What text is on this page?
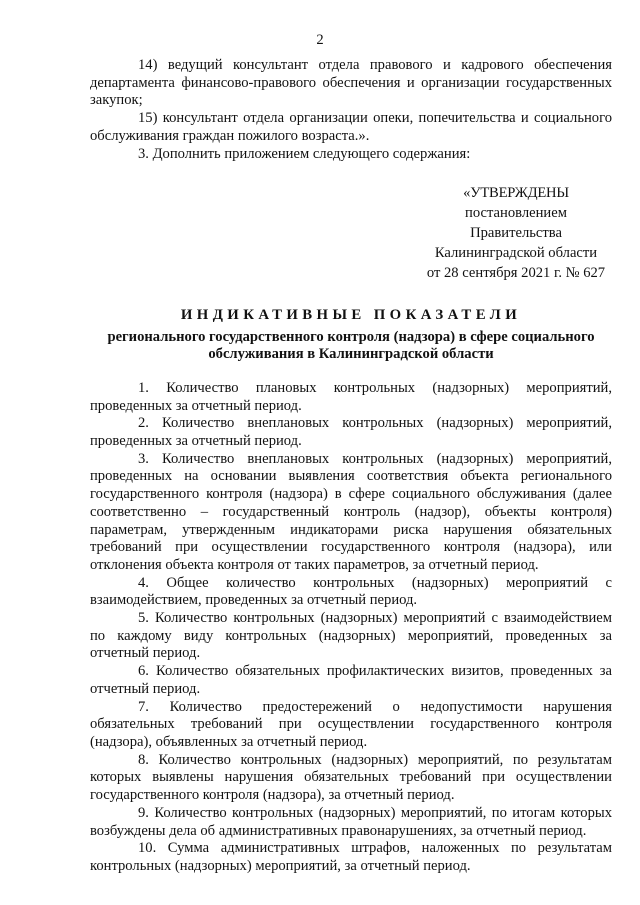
2

14) ведущий консультант отдела правового и кадрового обеспечения департамента финансово-правового обеспечения и организации государственных закупок;

15) консультант отдела организации опеки, попечительства и социального обслуживания граждан пожилого возраста.».

3. Дополнить приложением следующего содержания:

«УТВЕРЖДЕНЫ
постановлением Правительства
Калининградской области
от 28 сентября 2021 г. № 627
ИНДИКАТИВНЫЕ ПОКАЗАТЕЛИ
регионального государственного контроля (надзора) в сфере социального обслуживания в Калининградской области

1. Количество плановых контрольных (надзорных) мероприятий, проведенных за отчетный период.

2. Количество внеплановых контрольных (надзорных) мероприятий, проведенных за отчетный период.

3. Количество внеплановых контрольных (надзорных) мероприятий, проведенных на основании выявления соответствия объекта регионального государственного контроля (надзора) в сфере социального обслуживания (далее соответственно – государственный контроль (надзор), объекты контроля) параметрам, утвержденным индикаторами риска нарушения обязательных требований при осуществлении государственного контроля (надзора), или отклонения объекта контроля от таких параметров, за отчетный период.

4. Общее количество контрольных (надзорных) мероприятий с взаимодействием, проведенных за отчетный период.

5. Количество контрольных (надзорных) мероприятий с взаимодействием по каждому виду контрольных (надзорных) мероприятий, проведенных за отчетный период.

6. Количество обязательных профилактических визитов, проведенных за отчетный период.

7. Количество предостережений о недопустимости нарушения обязательных требований при осуществлении государственного контроля (надзора), объявленных за отчетный период.

8. Количество контрольных (надзорных) мероприятий, по результатам которых выявлены нарушения обязательных требований при осуществлении государственного контроля (надзора), за отчетный период.

9. Количество контрольных (надзорных) мероприятий, по итогам которых возбуждены дела об административных правонарушениях, за отчетный период.

10. Сумма административных штрафов, наложенных по результатам контрольных (надзорных) мероприятий, за отчетный период.
